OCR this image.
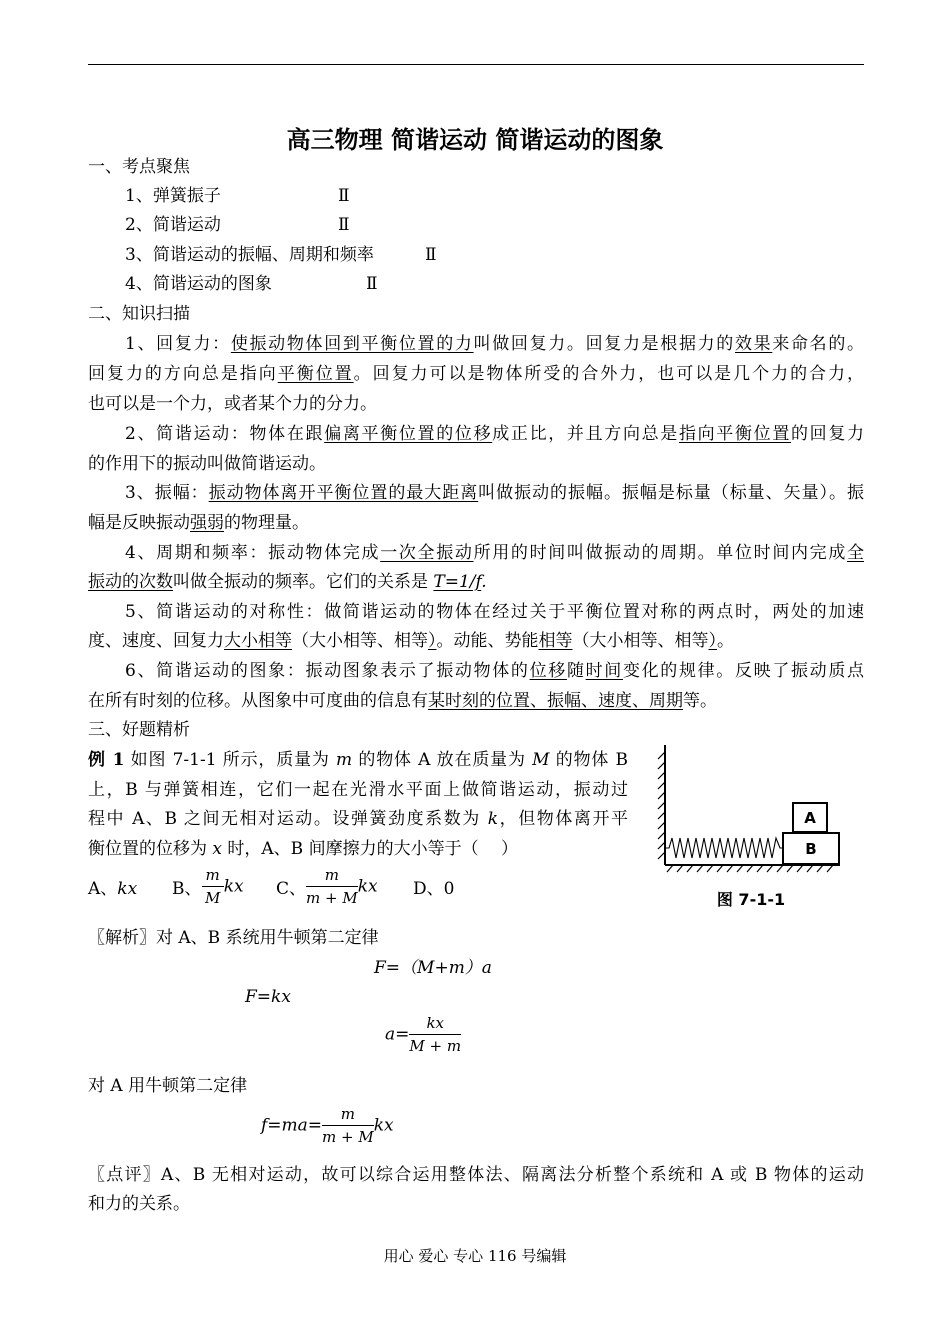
高三物理 简谐运动 简谐运动的图象
一、考点聚焦
1、弹簧振子	Ⅱ
2、简谐运动	Ⅱ
3、简谐运动的振幅、周期和频率	Ⅱ
4、简谐运动的图象	Ⅱ
二、知识扫描
1、回复力：使振动物体回到平衡位置的力叫做回复力。回复力是根据力的效果来命名的。
回复力的方向总是指向平衡位置。回复力可以是物体所受的合外力，也可以是几个力的合力，
也可以是一个力，或者某个力的分力。
2、简谐运动：物体在跟偏离平衡位置的位移成正比，并且方向总是指向平衡位置的回复力
的作用下的振动叫做简谐运动。
3、振幅：振动物体离开平衡位置的最大距离叫做振动的振幅。振幅是标量（标量、矢量）。振
幅是反映振动强弱的物理量。
4、周期和频率：振动物体完成一次全振动所用的时间叫做振动的周期。单位时间内完成全
振动的次数叫做全振动的频率。它们的关系是 T=1/f.
5、简谐运动的对称性：做简谐运动的物体在经过关于平衡位置对称的两点时，两处的加速
度、速度、回复力大小相等（大小相等、相等）。动能、势能相等（大小相等、相等）。
6、简谐运动的图象：振动图象表示了振动物体的位移随时间变化的规律。反映了振动质点
在所有时刻的位移。从图象中可度曲的信息有某时刻的位置、振幅、速度、周期等。
三、好题精析
例 1 如图 7-1-1 所示，质量为 m 的物体 A 放在质量为 M 的物体 B
上，B 与弹簧相连，它们一起在光滑水平面上做简谐运动，振动过
程中 A、B 之间无相对运动。设弹簧劲度系数为 k，但物体离开平
衡位置的位移为 x 时，A、B 间摩擦力的大小等于（　 ）
A、kx B、 $\frac{m}{M}$ kx C、 $\frac{m}{m + M}$ kx D、0
A
B
图 7-1-1
〖解析〗对 A、B 系统用牛顿第二定律
F=（M+m）a
F=kx
$a= \frac{kx}{M + m}$
对 A 用牛顿第二定律
$f=ma= \frac{m}{m + M}$ kx
〖点评〗A、B 无相对运动，故可以综合运用整体法、隔离法分析整个系统和 A 或 B 物体的运动
和力的关系。
用心 爱心 专心 116 号编辑
